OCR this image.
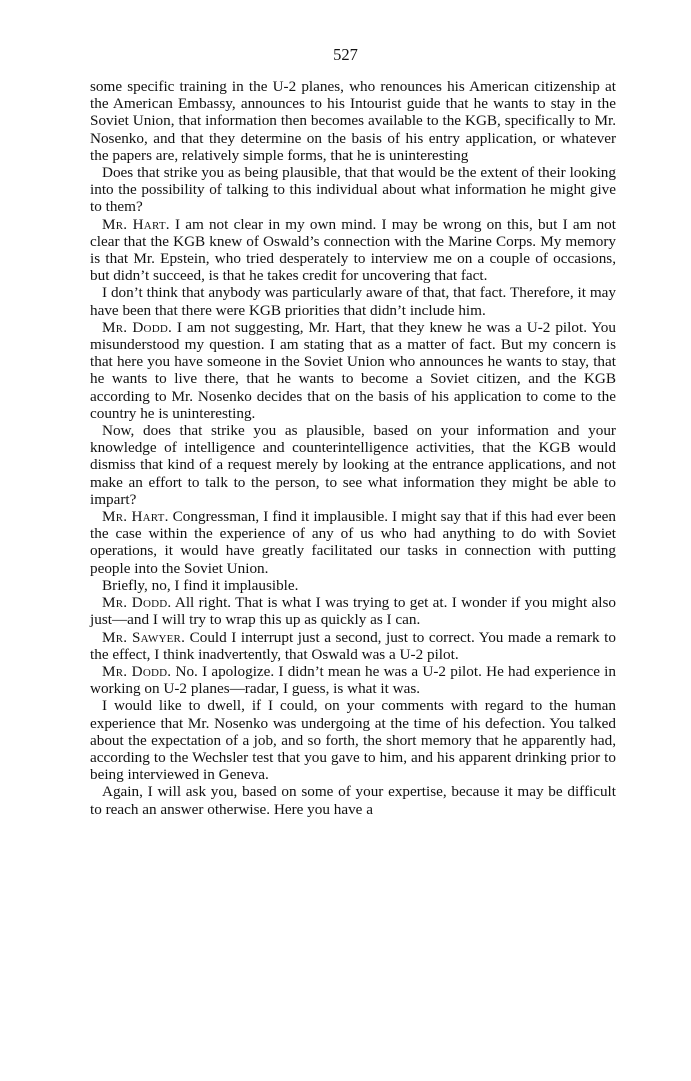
527

some specific training in the U-2 planes, who renounces his American citizenship at the American Embassy, announces to his Intourist guide that he wants to stay in the Soviet Union, that information then becomes available to the KGB, specifically to Mr. Nosenko, and that they determine on the basis of his entry application, or whatever the papers are, relatively simple forms, that he is uninteresting

Does that strike you as being plausible, that that would be the extent of their looking into the possibility of talking to this individual about what information he might give to them?

Mr. Hart. I am not clear in my own mind. I may be wrong on this, but I am not clear that the KGB knew of Oswald’s connection with the Marine Corps. My memory is that Mr. Epstein, who tried desperately to interview me on a couple of occasions, but didn’t succeed, is that he takes credit for uncovering that fact.

I don’t think that anybody was particularly aware of that, that fact. Therefore, it may have been that there were KGB priorities that didn’t include him.

Mr. Dodd. I am not suggesting, Mr. Hart, that they knew he was a U-2 pilot. You misunderstood my question. I am stating that as a matter of fact. But my concern is that here you have someone in the Soviet Union who announces he wants to stay, that he wants to live there, that he wants to become a Soviet citizen, and the KGB according to Mr. Nosenko decides that on the basis of his application to come to the country he is uninteresting.

Now, does that strike you as plausible, based on your information and your knowledge of intelligence and counterintelligence activities, that the KGB would dismiss that kind of a request merely by looking at the entrance applications, and not make an effort to talk to the person, to see what information they might be able to impart?

Mr. Hart. Congressman, I find it implausible. I might say that if this had ever been the case within the experience of any of us who had anything to do with Soviet operations, it would have greatly facilitated our tasks in connection with putting people into the Soviet Union.

Briefly, no, I find it implausible.

Mr. Dodd. All right. That is what I was trying to get at. I wonder if you might also just—and I will try to wrap this up as quickly as I can.

Mr. Sawyer. Could I interrupt just a second, just to correct. You made a remark to the effect, I think inadvertently, that Oswald was a U-2 pilot.

Mr. Dodd. No. I apologize. I didn’t mean he was a U-2 pilot. He had experience in working on U-2 planes—radar, I guess, is what it was.

I would like to dwell, if I could, on your comments with regard to the human experience that Mr. Nosenko was undergoing at the time of his defection. You talked about the expectation of a job, and so forth, the short memory that he apparently had, according to the Wechsler test that you gave to him, and his apparent drinking prior to being interviewed in Geneva.

Again, I will ask you, based on some of your expertise, because it may be difficult to reach an answer otherwise. Here you have a
